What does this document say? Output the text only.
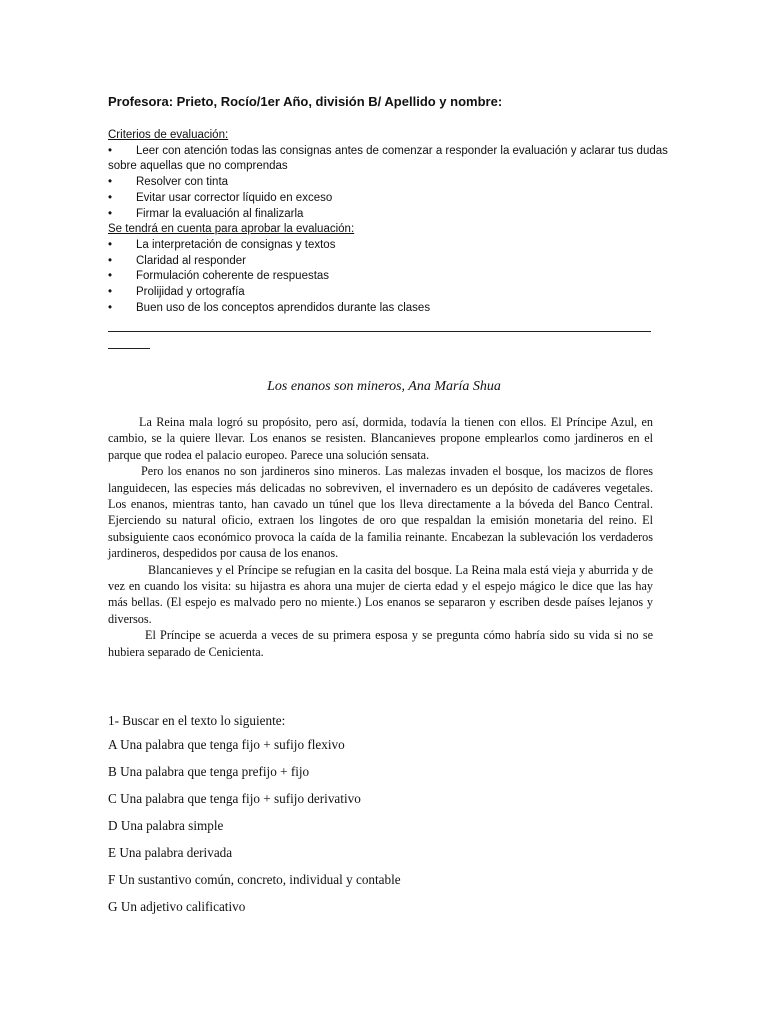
Profesora: Prieto, Rocío/1er Año, división B/ Apellido y nombre:
Criterios de evaluación:
•	Leer con atención todas las consignas antes de comenzar a responder la evaluación y aclarar tus dudas
sobre aquellas que no comprendas
•	Resolver con tinta
•	Evitar usar corrector líquido en exceso
•	Firmar la evaluación al finalizarla
Se tendrá en cuenta para aprobar la evaluación:
•	La interpretación de consignas y textos
•	Claridad al responder
•	Formulación coherente de respuestas
•	Prolijidad y ortografía
•	Buen uso de los conceptos aprendidos durante las clases
Los enanos son mineros, Ana María Shua

La Reina mala logró su propósito, pero así, dormida, todavía la tienen con ellos. El Príncipe Azul, en cambio, se la quiere llevar. Los enanos se resisten. Blancanieves propone emplearlos como jardineros en el parque que rodea el palacio europeo. Parece una solución sensata.

Pero los enanos no son jardineros sino mineros. Las malezas invaden el bosque, los macizos de flores languidecen, las especies más delicadas no sobreviven, el invernadero es un depósito de cadáveres vegetales. Los enanos, mientras tanto, han cavado un túnel que los lleva directamente a la bóveda del Banco Central. Ejerciendo su natural oficio, extraen los lingotes de oro que respaldan la emisión monetaria del reino. El subsiguiente caos económico provoca la caída de la familia reinante. Encabezan la sublevación los verdaderos jardineros, despedidos por causa de los enanos.

Blancanieves y el Príncipe se refugian en la casita del bosque. La Reina mala está vieja y aburrida y de vez en cuando los visita: su hijastra es ahora una mujer de cierta edad y el espejo mágico le dice que las hay más bellas. (El espejo es malvado pero no miente.) Los enanos se separaron y escriben desde países lejanos y diversos.

El Príncipe se acuerda a veces de su primera esposa y se pregunta cómo habría sido su vida si no se hubiera separado de Cenicienta.

1- Buscar en el texto lo siguiente:
A Una palabra que tenga fijo + sufijo flexivo
B Una palabra que tenga prefijo + fijo
C Una palabra que tenga fijo + sufijo derivativo
D Una palabra simple
E Una palabra derivada
F Un sustantivo común, concreto, individual y contable
G Un adjetivo calificativo
